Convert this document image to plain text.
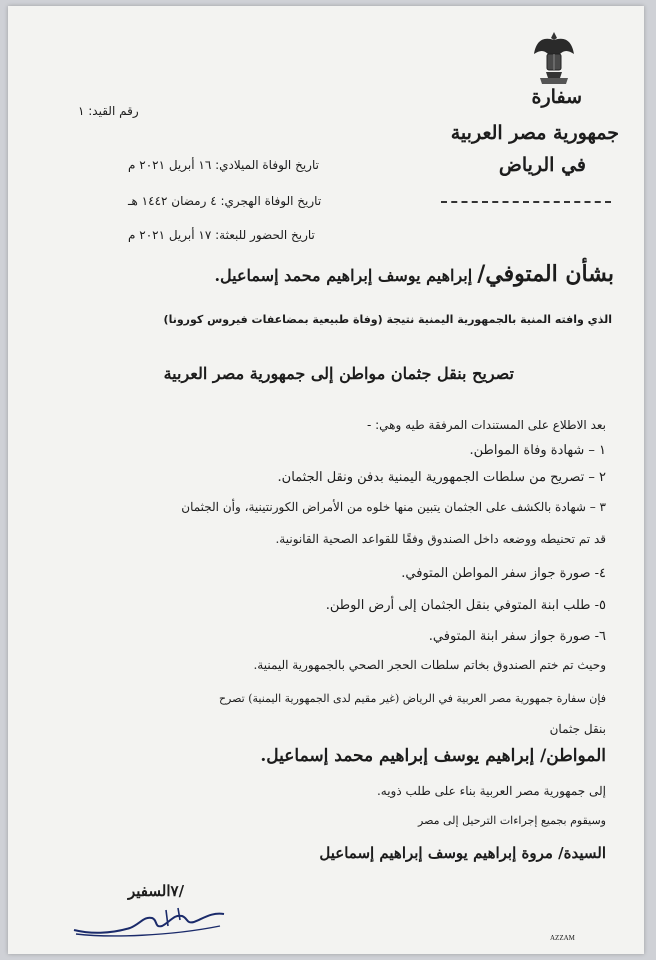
سفارة
جمهورية مصر العربية
في الرياض
رقم القيد: ١
تاريخ الوفاة الميلادي: ١٦ أبريل ٢٠٢١ م
تاريخ الوفاة الهجري: ٤ رمضان ١٤٤٢ هـ
تاريخ الحضور للبعثة: ١٧ أبريل ٢٠٢١ م
بشأن المتوفي/ إبراهيم يوسف إبراهيم محمد إسماعيل.
الذي وافته المنية بالجمهورية اليمنية نتيجة (وفاة طبيعية بمضاعفات فيروس كورونا)
تصريح بنقل جثمان مواطن إلى جمهورية مصر العربية
بعد الاطلاع على المستندات المرفقة طيه وهي: -
١ – شهادة وفاة المواطن.
٢ – تصريح من سلطات الجمهورية اليمنية بدفن ونقل الجثمان.
٣ – شهادة بالكشف على الجثمان يتبين منها خلوه من الأمراض الكورنتينية، وأن الجثمان
قد تم تحنيطه ووضعه داخل الصندوق وفقًا للقواعد الصحية القانونية.
٤- صورة جواز سفر المواطن المتوفي.
٥- طلب ابنة المتوفي بنقل الجثمان إلى أرض الوطن.
٦- صورة جواز سفر ابنة المتوفي.
وحيث تم ختم الصندوق بخاتم سلطات الحجر الصحي بالجمهورية اليمنية.
فإن سفارة جمهورية مصر العربية في الرياض (غير مقيم لدى الجمهورية اليمنية) تصرح
بنقل جثمان
المواطن/ إبراهيم يوسف إبراهيم محمد إسماعيل.
إلى جمهورية مصر العربية بناء على طلب ذويه.
وسيقوم بجميع إجراءات الترحيل إلى مصر
السيدة/ مروة إبراهيم يوسف إبراهيم إسماعيل
/٧السفير
AZZAM
